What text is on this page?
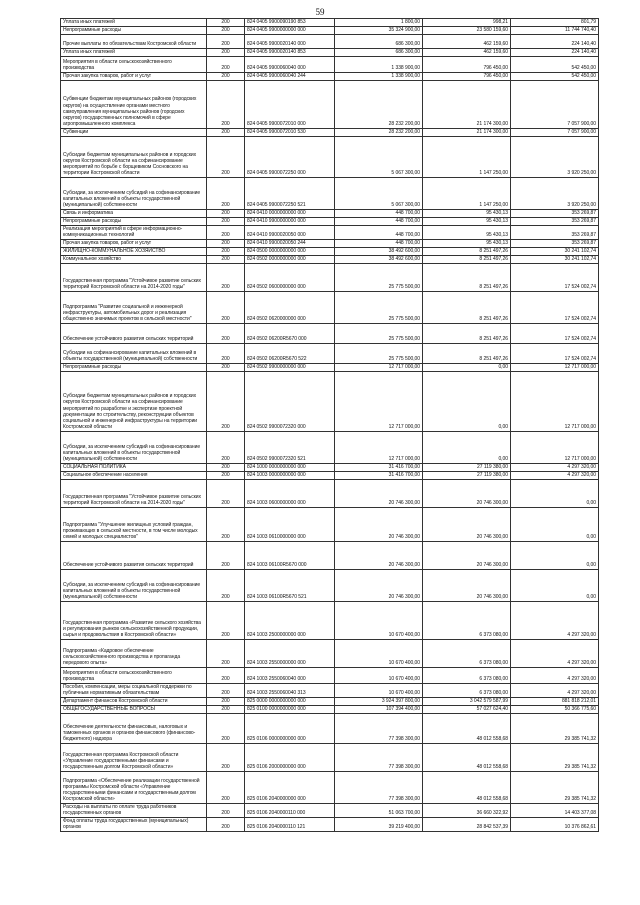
59
Уплата иных платежей	200	824 0405 9900090190 853	1 800,00	998,21	801,79
Непрограммные расходы	200	824 0405 9900000000 000	35 324 900,00	23 580 159,60	11 744 740,40
Прочие выплаты по обязательствам Костромской области	200	824 0405 9900020140 000	686 300,00	462 159,60	224 140,40
Уплата иных платежей	200	824 0405 9900020140 853	686 300,00	462 159,60	224 140,40
Мероприятия в области сельскохозяйственного производства	200	824 0405 9900060040 000	1 338 900,00	796 450,00	542 450,00
Прочая закупка товаров, работ и услуг	200	824 0405 9900060040 244	1 338 900,00	796 450,00	542 450,00
Субвенции бюджетам муниципальных районов (городских округов) на осуществление органами местного самоуправления муниципальных районов (городских округов) государственных полномочий в сфере агропромышленного комплекса	200	824 0405 9900072010 000	28 232 200,00	21 174 300,00	7 057 900,00
Субвенции	200	824 0405 9900072010 530	28 232 200,00	21 174 300,00	7 057 900,00
Субсидии бюджетам муниципальных районов и городских округов Костромской области на софинансирование мероприятий по борьбе с борщевиком Сосновского на территории Костромской области	200	824 0405 9900072250 000	5 067 300,00	1 147 250,00	3 920 250,00
Субсидии, за исключением субсидий на софинансирование капитальных вложений в объекты государственной (муниципальной) собственности	200	824 0405 9900072250 521	5 067 300,00	1 147 250,00	3 920 250,00
Связь и информатика	200	824 0410 0000000000 000	448 700,00	95 430,13	353 269,87
Непрограммные расходы	200	824 0410 9900000000 000	448 700,00	95 430,13	353 269,87
Реализация мероприятий в сфере информационно-коммуникационных технологий	200	824 0410 9900020050 000	448 700,00	95 430,13	353 269,87
Прочая закупка товаров, работ и услуг	200	824 0410 9900020050 244	448 700,00	95 430,13	353 269,87
ЖИЛИЩНО-КОММУНАЛЬНОЕ ХОЗЯЙСТВО	200	824 0500 0000000000 000	38 492 600,00	8 251 497,26	30 241 102,74
Коммунальное хозяйство	200	824 0502 0000000000 000	38 492 600,00	8 251 497,26	30 241 102,74
Государственная программа "Устойчивое развитие сельских территорий Костромской области на 2014-2020 годы"	200	824 0502 0600000000 000	25 775 500,00	8 251 497,26	17 524 002,74
Подпрограмма "Развитие социальной и инженерной инфраструктуры, автомобильных дорог и реализация общественно значимых проектов в сельской местности"	200	824 0502 0620000000 000	25 775 500,00	8 251 497,26	17 524 002,74
Обеспечение устойчивого развития сельских территорий	200	824 0502 06200R5670 000	25 775 500,00	8 251 497,26	17 524 002,74
Субсидии на софинансирование капитальных вложений в объекты государственной (муниципальной) собственности	200	824 0502 06200R5670 522	25 775 500,00	8 251 497,26	17 524 002,74
Непрограммные расходы	200	824 0502 9900000000 000	12 717 000,00	0,00	12 717 000,00
Субсидии бюджетам муниципальных районов и городских округов Костромской области на софинансирование мероприятий по разработке и экспертизе проектной документации по строительству, реконструкции объектов социальной и инженерной инфраструктуры на территории Костромской области	200	824 0502 9900072320 000	12 717 000,00	0,00	12 717 000,00
Субсидии, за исключением субсидий на софинансирование капитальных вложений в объекты государственной (муниципальной) собственности	200	824 0502 9900072320 521	12 717 000,00	0,00	12 717 000,00
СОЦИАЛЬНАЯ ПОЛИТИКА	200	824 1000 0000000000 000	31 416 700,00	27 119 380,00	4 297 320,00
Социальное обеспечение населения	200	824 1003 0000000000 000	31 416 700,00	27 119 380,00	4 297 320,00
Государственная программа "Устойчивое развитие сельских территорий Костромской области на 2014-2020 годы"	200	824 1003 0600000000 000	20 746 300,00	20 746 300,00	0,00
Подпрограмма "Улучшение жилищных условий граждан, проживающих в сельской местности, в том числе молодых семей и молодых специалистов"	200	824 1003 0610000000 000	20 746 300,00	20 746 300,00	0,00
Обеспечение устойчивого развития сельских территорий	200	824 1003 06100R5670 000	20 746 300,00	20 746 300,00	0,00
Субсидии, за исключением субсидий на софинансирование капитальных вложений в объекты государственной (муниципальной) собственности	200	824 1003 06100R5670 521	20 746 300,00	20 746 300,00	0,00
Государственная программа «Развитие сельского хозяйства и регулирования рынков сельскохозяйственной продукции, сырья и продовольствия в Костромской области»	200	824 1003 2500000000 000	10 670 400,00	6 373 080,00	4 297 320,00
Подпрограмма «Кадровое обеспечение сельскохозяйственного производства и пропаганда передового опыта»	200	824 1003 2550000000 000	10 670 400,00	6 373 080,00	4 297 320,00
Мероприятия в области сельскохозяйственного производства	200	824 1003 2550060040 000	10 670 400,00	6 373 080,00	4 297 320,00
Пособия, компенсации, меры социальной поддержки по публичным нормативным обязательствам	200	824 1003 2550060040 313	10 670 400,00	6 373 080,00	4 297 320,00
Департамент финансов Костромской области	200	825 0000 0000000000 000	3 924 397 800,00	3 042 579 587,99	881 818 212,01
ОБЩЕГОСУДАРСТВЕННЫЕ ВОПРОСЫ	200	825 0100 0000000000 000	107 394 400,00	57 027 624,40	50 366 775,60
Обеспечение деятельности финансовых, налоговых и таможенных органов и органов финансового (финансово-бюджетного) надзора	200	825 0106 0000000000 000	77 398 300,00	48 012 558,68	29 385 741,32
Государственная программа Костромской области «Управление государственными финансами и государственным долгом Костромской области»	200	825 0106 2000000000 000	77 398 300,00	48 012 558,68	29 385 741,32
Подпрограмма «Обеспечение реализации государственной программы Костромской области «Управление государственными финансами и государственным долгом Костромской области»	200	825 0106 2040000000 000	77 398 300,00	48 012 558,68	29 385 741,32
Расходы на выплаты по оплате труда работников государственных органов	200	825 0106 2040000110 000	51 063 700,00	36 660 322,92	14 403 377,08
Фонд оплаты труда государственных (муниципальных) органов	200	825 0106 2040000110 121	39 219 400,00	28 842 537,39	10 376 862,61
